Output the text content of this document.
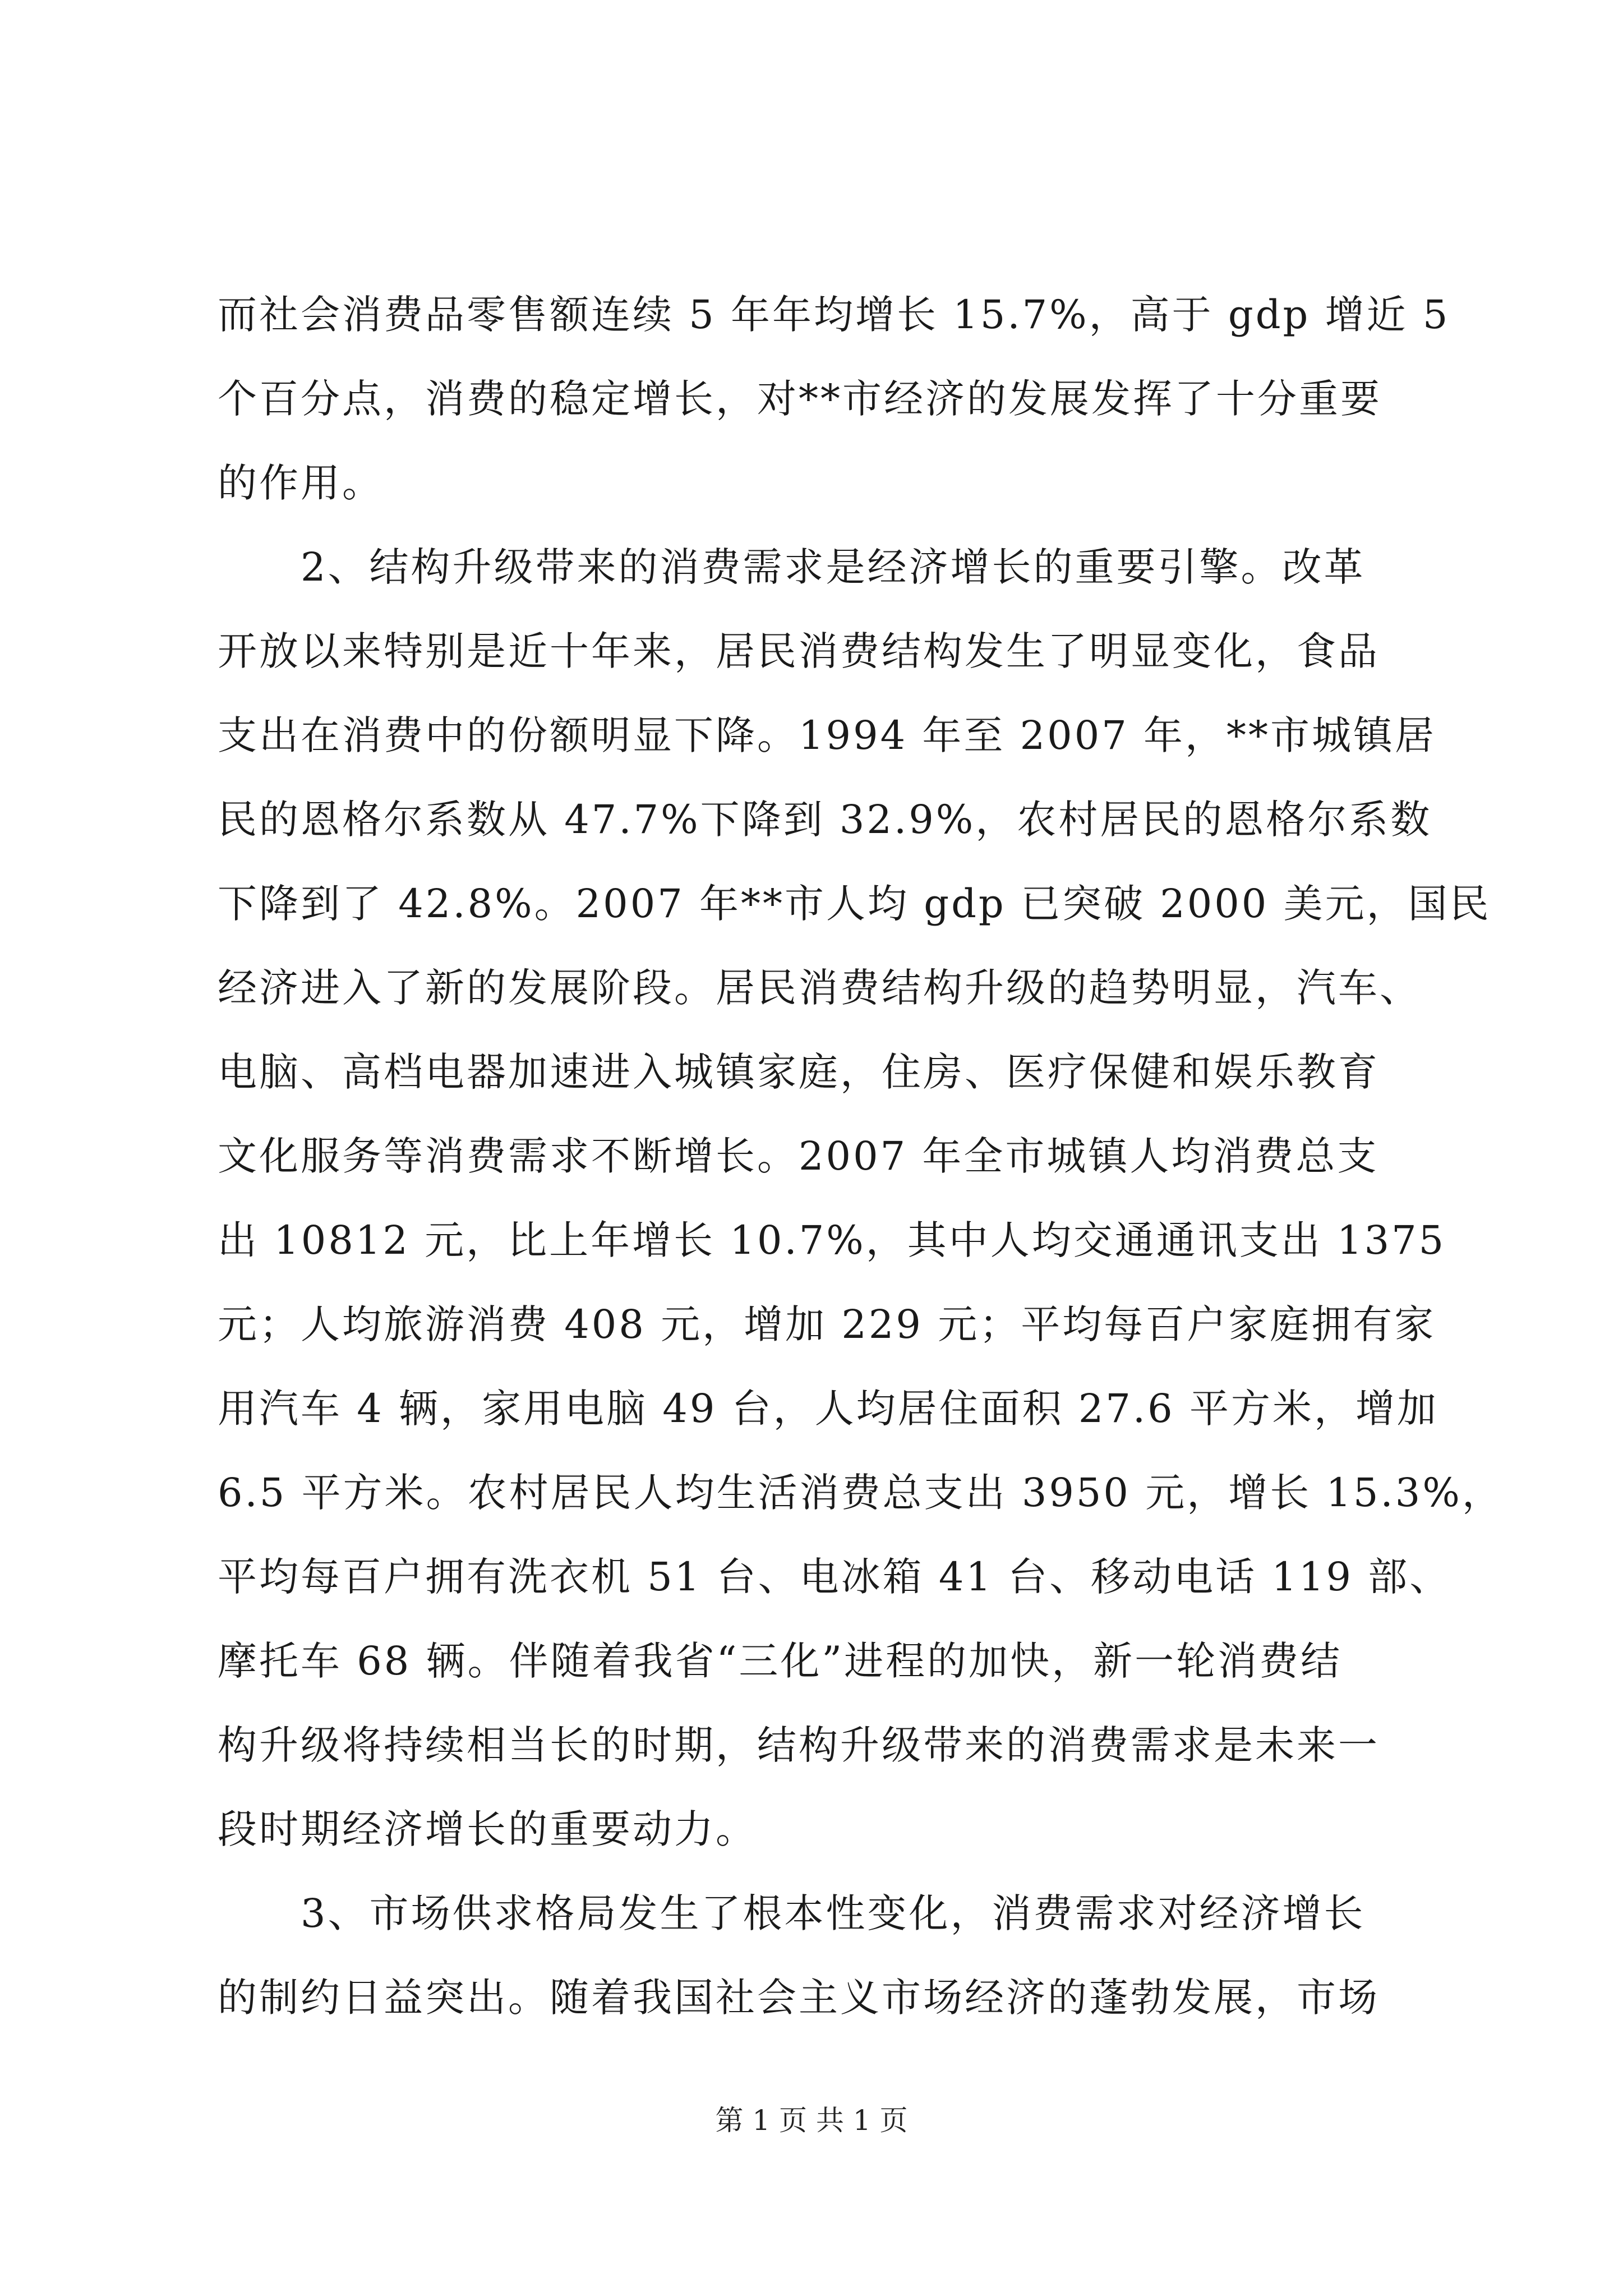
而社会消费品零售额连续 5 年年均增长 15.7%，高于 gdp 增近 5

个百分点，消费的稳定增长，对**市经济的发展发挥了十分重要

的作用。

2、结构升级带来的消费需求是经济增长的重要引擎。改革

开放以来特别是近十年来，居民消费结构发生了明显变化，食品

支出在消费中的份额明显下降。1994 年至 2007 年，**市城镇居

民的恩格尔系数从 47.7%下降到 32.9%，农村居民的恩格尔系数

下降到了 42.8%。2007 年**市人均 gdp 已突破 2000 美元，国民

经济进入了新的发展阶段。居民消费结构升级的趋势明显，汽车、

电脑、高档电器加速进入城镇家庭，住房、医疗保健和娱乐教育

文化服务等消费需求不断增长。2007 年全市城镇人均消费总支

出 10812 元，比上年增长 10.7%，其中人均交通通讯支出 1375

元；人均旅游消费 408 元，增加 229 元；平均每百户家庭拥有家

用汽车 4 辆，家用电脑 49 台，人均居住面积 27.6 平方米，增加

6.5 平方米。农村居民人均生活消费总支出 3950 元，增长 15.3%，

平均每百户拥有洗衣机 51 台、电冰箱 41 台、移动电话 119 部、

摩托车 68 辆。伴随着我省“三化”进程的加快，新一轮消费结

构升级将持续相当长的时期，结构升级带来的消费需求是未来一

段时期经济增长的重要动力。

3、市场供求格局发生了根本性变化，消费需求对经济增长

的制约日益突出。随着我国社会主义市场经济的蓬勃发展，市场

第 1 页 共 1 页
